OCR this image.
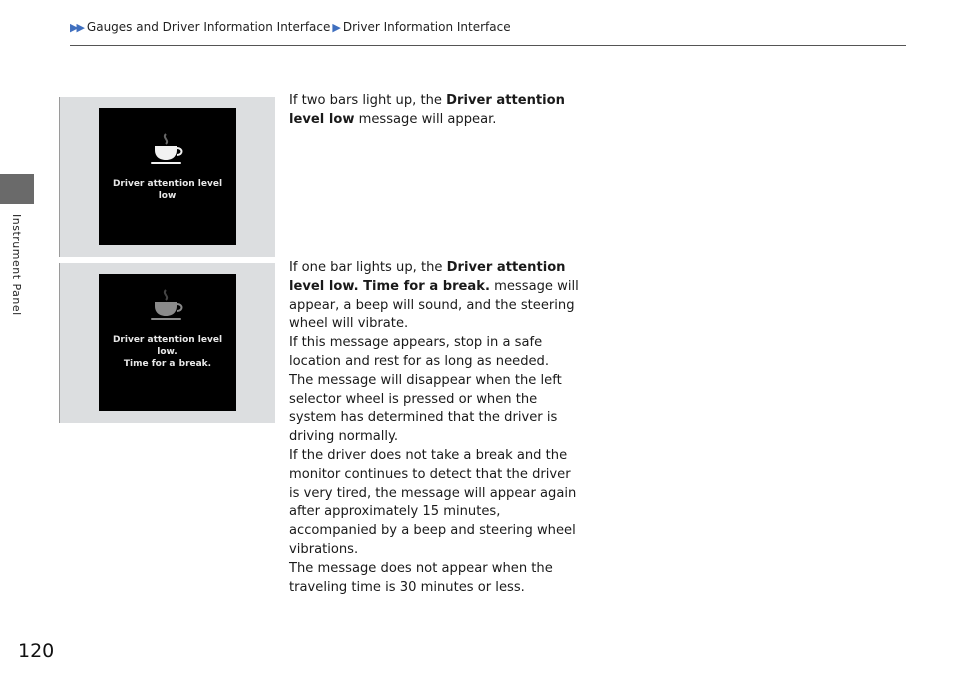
▶▶ Gauges and Driver Information Interface ▶ Driver Information Interface
Instrument Panel
Driver attention level
low
Driver attention level
low.
Time for a break.

If two bars light up, the Driver attention level low message will appear.

If one bar lights up, the Driver attention level low. Time for a break. message will appear, a beep will sound, and the steering wheel will vibrate.

If this message appears, stop in a safe location and rest for as long as needed.

The message will disappear when the left selector wheel is pressed or when the system has determined that the driver is driving normally.

If the driver does not take a break and the monitor continues to detect that the driver is very tired, the message will appear again after approximately 15 minutes, accompanied by a beep and steering wheel vibrations.

The message does not appear when the traveling time is 30 minutes or less.

120
